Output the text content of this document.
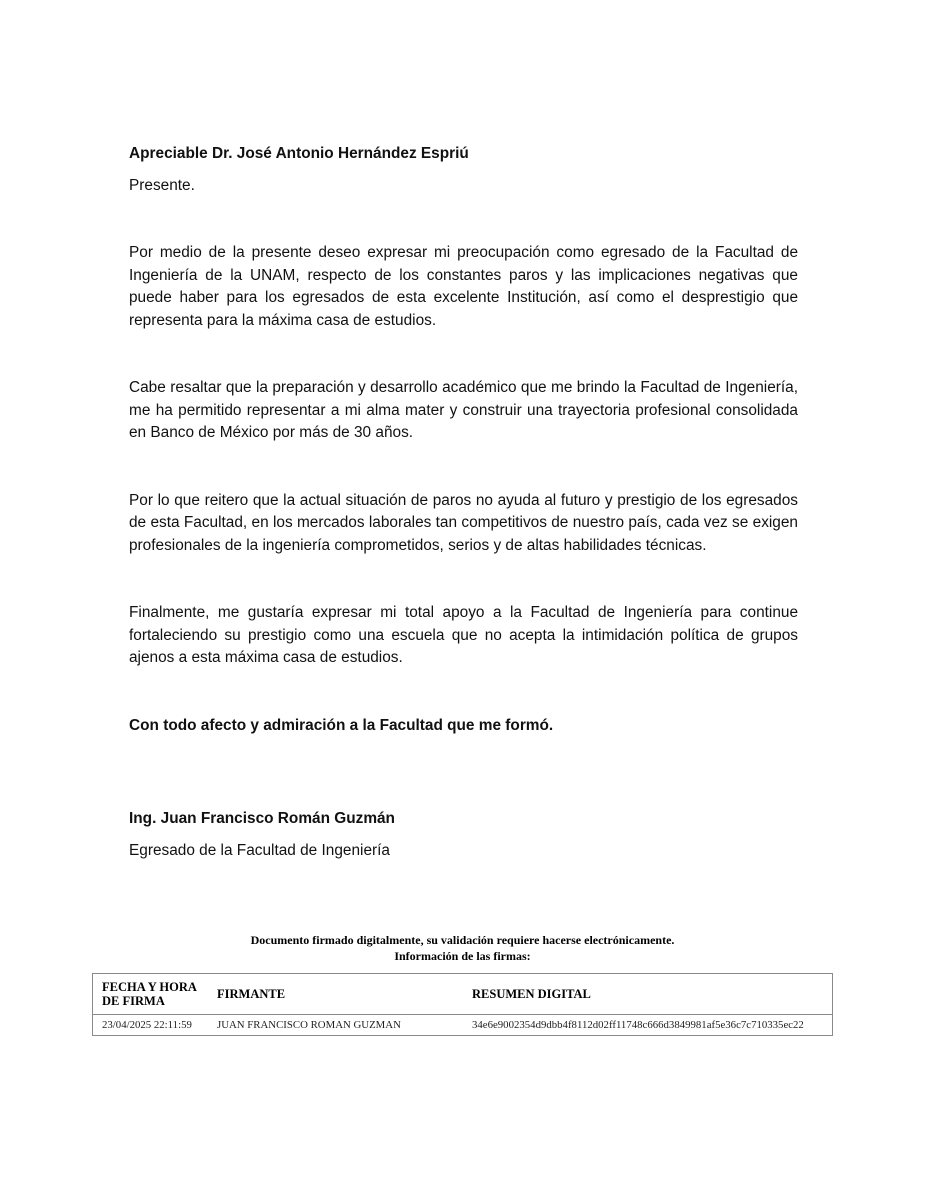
Apreciable Dr. José Antonio Hernández Espriú

Presente.

Por medio de la presente deseo expresar mi preocupación como egresado de la Facultad de Ingeniería de la UNAM, respecto de los constantes paros y las implicaciones negativas que puede haber para los egresados de esta excelente Institución, así como el desprestigio que representa para la máxima casa de estudios.

Cabe resaltar que la preparación y desarrollo académico que me brindo la Facultad de Ingeniería, me ha permitido representar a mi alma mater y construir una trayectoria profesional consolidada en Banco de México por más de 30 años.

Por lo que reitero que la actual situación de paros no ayuda al futuro y prestigio de los egresados de esta Facultad, en los mercados laborales tan competitivos de nuestro país, cada vez se exigen profesionales de la ingeniería comprometidos, serios y de altas habilidades técnicas.

Finalmente, me gustaría expresar mi total apoyo a la Facultad de Ingeniería para continue fortaleciendo su prestigio como una escuela que no acepta la intimidación política de grupos ajenos a esta máxima casa de estudios.

Con todo afecto y admiración a la Facultad que me formó.

Ing. Juan Francisco Román Guzmán

Egresado de la Facultad de Ingeniería

Documento firmado digitalmente, su validación requiere hacerse electrónicamente.
Información de las firmas:
FECHA Y HORA DE FIRMA	FIRMANTE	RESUMEN DIGITAL
23/04/2025 22:11:59	JUAN FRANCISCO ROMAN GUZMAN	34e6e9002354d9dbb4f8112d02ff11748c666d3849981af5e36c7c710335ec22
